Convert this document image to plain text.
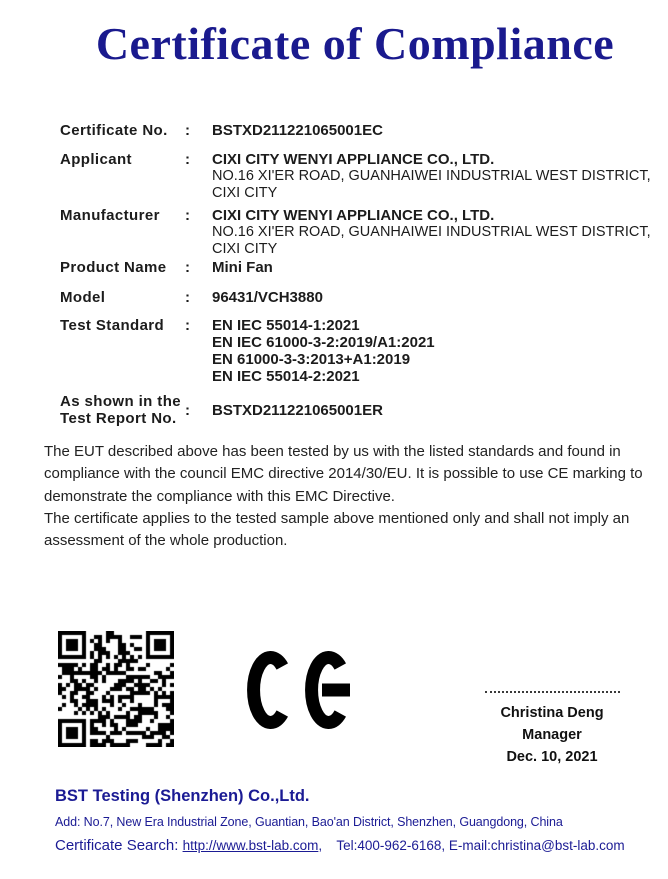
Certificate of Compliance
Certificate No.	:	BSTXD211221065001EC
Applicant	:	CIXI CITY WENYI APPLIANCE CO., LTD.
NO.16 XI'ER ROAD, GUANHAIWEI INDUSTRIAL WEST DISTRICT,
CIXI CITY
Manufacturer	:	CIXI CITY WENYI APPLIANCE CO., LTD.
NO.16 XI'ER ROAD, GUANHAIWEI INDUSTRIAL WEST DISTRICT,
CIXI CITY
Product Name	:	Mini Fan
Model	:	96431/VCH3880
Test Standard	:	EN IEC 55014-1:2021
EN IEC 61000-3-2:2019/A1:2021
EN 61000-3-3:2013+A1:2019
EN IEC 55014-2:2021
As shown in the
Test Report No. :	BSTXD211221065001ER

The EUT described above has been tested by us with the listed standards and found in compliance with the council EMC directive 2014/30/EU. It is possible to use CE marking to demonstrate the compliance with this EMC Directive.

The certificate applies to the tested sample above mentioned only and shall not imply an assessment of the whole production.

Christina Deng

Manager

Dec. 10, 2021

BST Testing (Shenzhen) Co.,Ltd.
Add: No.7, New Era Industrial Zone, Guantian, Bao'an District, Shenzhen, Guangdong, China
Certificate Search: http://www.bst-lab.com, Tel:400-962-6168, E-mail:christina@bst-lab.com
